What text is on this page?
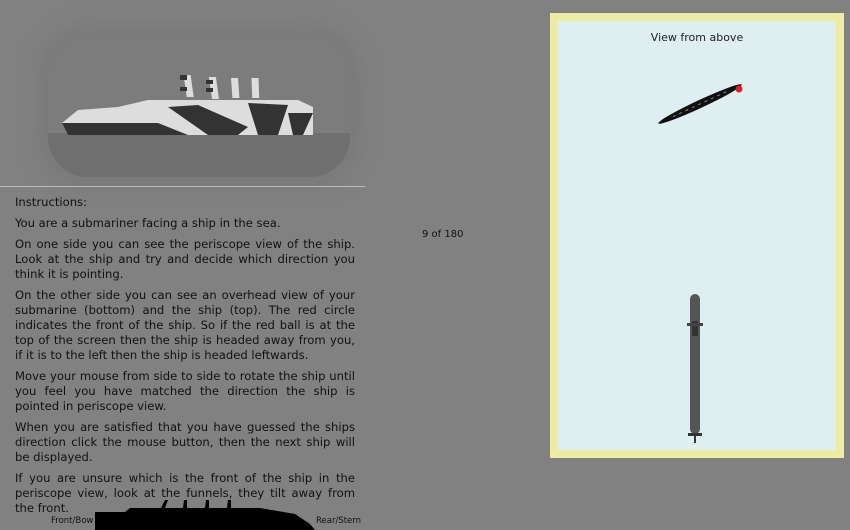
Instructions:

You are a submariner facing a ship in the sea.

On one side you can see the periscope view of the ship. Look at the ship and try and decide which direction you think it is pointing.

On the other side you can see an overhead view of your submarine (bottom) and the ship (top). The red circle indicates the front of the ship. So if the red ball is at the top of the screen then the ship is headed away from you, if it is to the left then the ship is headed leftwards.

Move your mouse from side to side to rotate the ship until you feel you have matched the direction the ship is pointed in periscope view.

When you are satisfied that you have guessed the ships direction click the mouse button, then the next ship will be displayed.

If you are unsure which is the front of the ship in the periscope view, look at the funnels, they tilt away from the front.

Front/Bow	Rear/Stern
9 of 180
View from above
